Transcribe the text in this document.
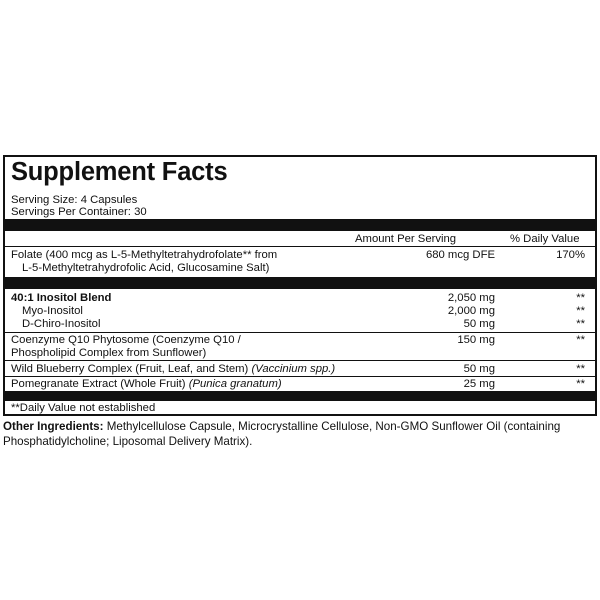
Supplement Facts
Serving Size: 4 Capsules
Servings Per Container: 30
Amount Per Serving	% Daily Value
Folate (400 mcg as L-5-Methyltetrahydrofolate** from
L-5-Methyltetrahydrofolic Acid, Glucosamine Salt)
680 mcg DFE	170%
40:1 Inositol Blend	2,050 mg	**
Myo-Inositol	2,000 mg	**
D-Chiro-Inositol	50 mg	**
Coenzyme Q10 Phytosome (Coenzyme Q10 /
Phospholipid Complex from Sunflower)
150 mg	**
Wild Blueberry Complex (Fruit, Leaf, and Stem) (Vaccinium spp.)	50 mg	**
Pomegranate Extract (Whole Fruit) (Punica granatum)	25 mg	**
**Daily Value not established
Other Ingredients: Methylcellulose Capsule, Microcrystalline Cellulose, Non-GMO Sunflower Oil (containing Phosphatidylcholine; Liposomal Delivery Matrix).
